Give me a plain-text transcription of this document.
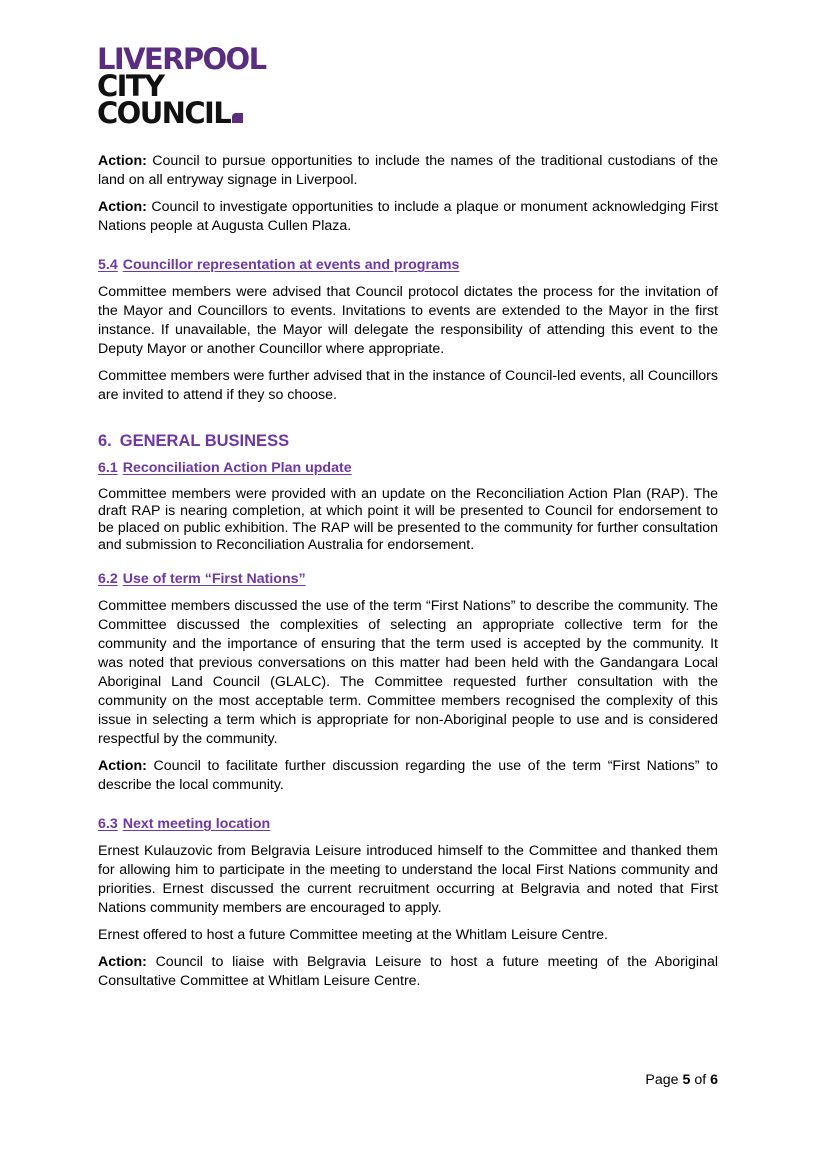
LIVERPOOL
CITY
COUNCIL

Action: Council to pursue opportunities to include the names of the traditional custodians of the land on all entryway signage in Liverpool.

Action: Council to investigate opportunities to include a plaque or monument acknowledging First Nations people at Augusta Cullen Plaza.

5.4 Councillor representation at events and programs

Committee members were advised that Council protocol dictates the process for the invitation of the Mayor and Councillors to events. Invitations to events are extended to the Mayor in the first instance. If unavailable, the Mayor will delegate the responsibility of attending this event to the Deputy Mayor or another Councillor where appropriate.

Committee members were further advised that in the instance of Council-led events, all Councillors are invited to attend if they so choose.

6. GENERAL BUSINESS
6.1 Reconciliation Action Plan update

Committee members were provided with an update on the Reconciliation Action Plan (RAP). The draft RAP is nearing completion, at which point it will be presented to Council for endorsement to be placed on public exhibition. The RAP will be presented to the community for further consultation and submission to Reconciliation Australia for endorsement.

6.2 Use of term “First Nations”

Committee members discussed the use of the term “First Nations” to describe the community. The Committee discussed the complexities of selecting an appropriate collective term for the community and the importance of ensuring that the term used is accepted by the community. It was noted that previous conversations on this matter had been held with the Gandangara Local Aboriginal Land Council (GLALC). The Committee requested further consultation with the community on the most acceptable term. Committee members recognised the complexity of this issue in selecting a term which is appropriate for non-Aboriginal people to use and is considered respectful by the community.

Action: Council to facilitate further discussion regarding the use of the term “First Nations” to describe the local community.

6.3 Next meeting location

Ernest Kulauzovic from Belgravia Leisure introduced himself to the Committee and thanked them for allowing him to participate in the meeting to understand the local First Nations community and priorities. Ernest discussed the current recruitment occurring at Belgravia and noted that First Nations community members are encouraged to apply.

Ernest offered to host a future Committee meeting at the Whitlam Leisure Centre.

Action: Council to liaise with Belgravia Leisure to host a future meeting of the Aboriginal Consultative Committee at Whitlam Leisure Centre.

Page 5 of 6
